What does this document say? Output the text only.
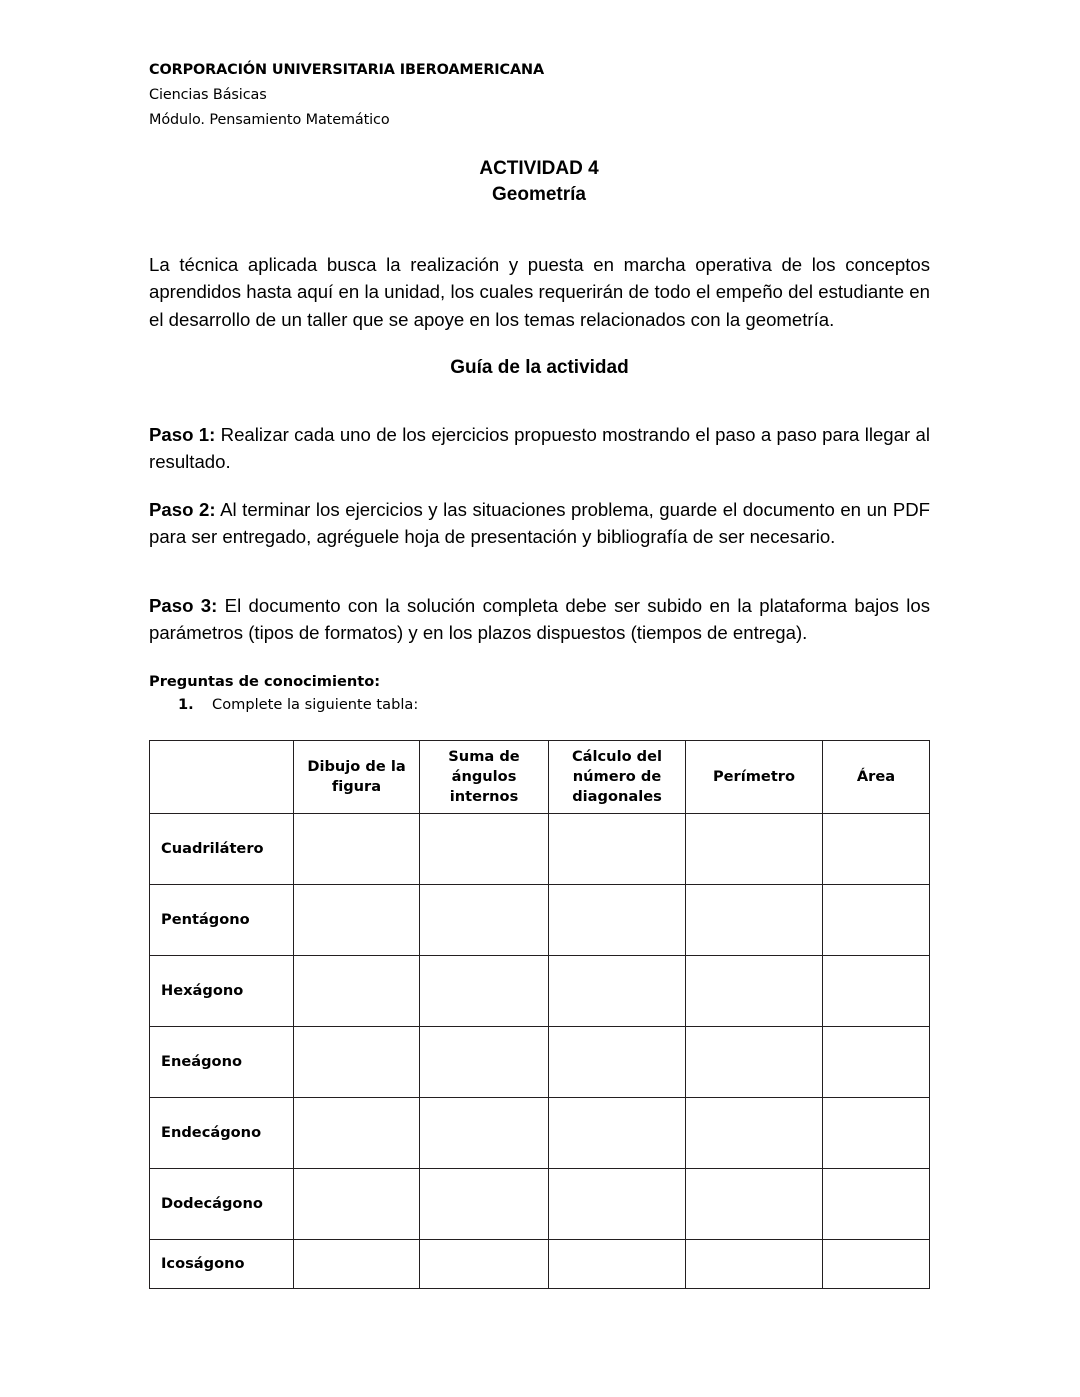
CORPORACIÓN UNIVERSITARIA IBEROAMERICANA
Ciencias Básicas
Módulo. Pensamiento Matemático
ACTIVIDAD 4
Geometría

La técnica aplicada busca la realización y puesta en marcha operativa de los conceptos aprendidos hasta aquí en la unidad, los cuales requerirán de todo el empeño del estudiante en el desarrollo de un taller que se apoye en los temas relacionados con la geometría.

Guía de la actividad

Paso 1: Realizar cada uno de los ejercicios propuesto mostrando el paso a paso para llegar al resultado.

Paso 2: Al terminar los ejercicios y las situaciones problema, guarde el documento en un PDF para ser entregado, agréguele hoja de presentación y bibliografía de ser necesario.

Paso 3: El documento con la solución completa debe ser subido en la plataforma bajos los parámetros (tipos de formatos) y en los plazos dispuestos (tiempos de entrega).

Preguntas de conocimiento:
1. Complete la siguiente tabla:
	Dibujo de la
figura	Suma de
ángulos
internos	Cálculo del
número de
diagonales	Perímetro	Área
Cuadrilátero					
Pentágono					
Hexágono					
Eneágono					
Endecágono					
Dodecágono					
Icoságono					
